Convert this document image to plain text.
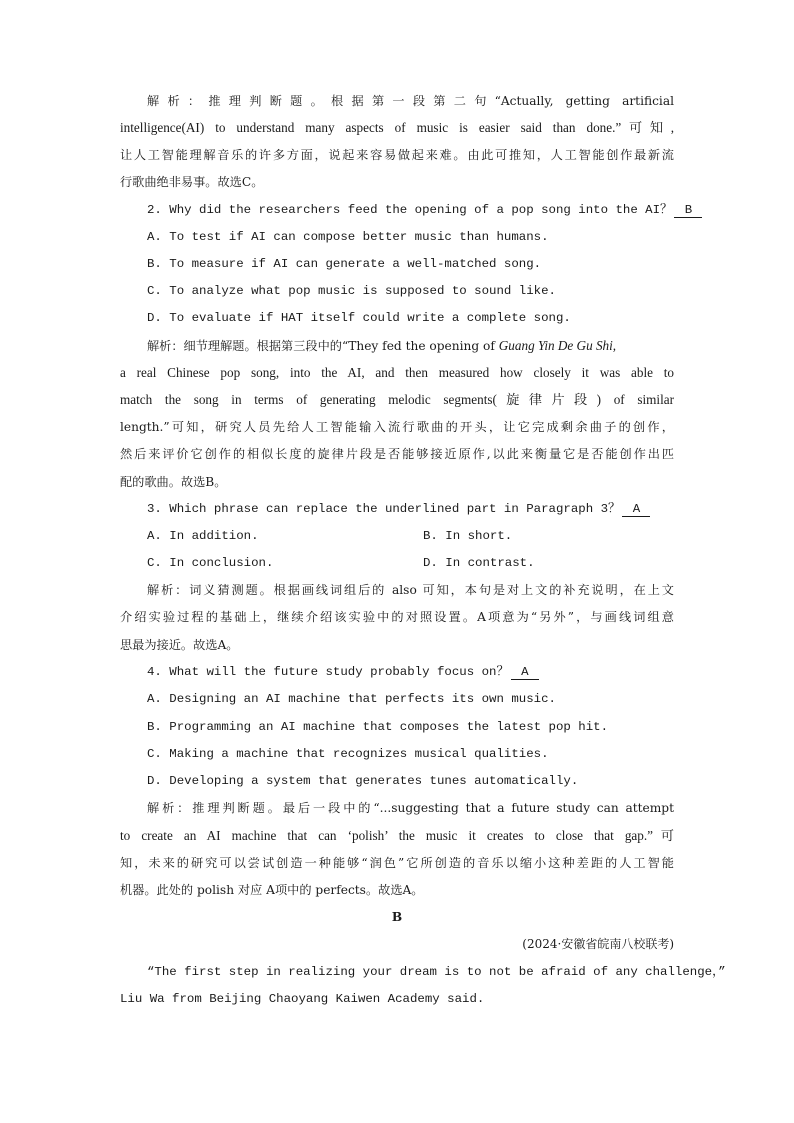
解析：推理判断题。根据第一段第二句“Actually, getting artificial
intelligence(AI) to understand many aspects of music is easier said than done.”可知,
让人工智能理解音乐的许多方面，说起来容易做起来难。由此可推知，人工智能创作最新流
行歌曲绝非易事。故选C。
2. Why did the researchers feed the opening of a pop song into the AI？ B
A. To test if AI can compose better music than humans.
B. To measure if AI can generate a well-matched song.
C. To analyze what pop music is supposed to sound like.
D. To evaluate if HAT itself could write a complete song.
解析：细节理解题。根据第三段中的“They fed the opening of Guang Yin De Gu Shi,
a real Chinese pop song, into the AI, and then measured how closely it was able to
match the song in terms of generating melodic segments(旋律片段) of similar
length.”可知，研究人员先给人工智能输入流行歌曲的开头，让它完成剩余曲子的创作，
然后来评价它创作的相似长度的旋律片段是否能够接近原作,以此来衡量它是否能创作出匹
配的歌曲。故选B。
3. Which phrase can replace the underlined part in Paragraph 3？ A
A. In addition.	B. In short.
C. In conclusion.	D. In contrast.
解析：词义猜测题。根据画线词组后的 also 可知，本句是对上文的补充说明，在上文
介绍实验过程的基础上，继续介绍该实验中的对照设置。A项意为“另外”，与画线词组意
思最为接近。故选A。
4. What will the future study probably focus on？ A
A. Designing an AI machine that perfects its own music.
B. Programming an AI machine that composes the latest pop hit.
C. Making a machine that recognizes musical qualities.
D. Developing a system that generates tunes automatically.
解析：推理判断题。最后一段中的“...suggesting that a future study can attempt
to create an AI machine that can ‘polish’ the music it creates to close that gap.”可
知，未来的研究可以尝试创造一种能够“润色”它所创造的音乐以缩小这种差距的人工智能
机器。此处的 polish 对应 A项中的 perfects。故选A。
B
(2024·安徽省皖南八校联考)
“The first step in realizing your dream is to not be afraid of any challenge，”
Liu Wa from Beijing Chaoyang Kaiwen Academy said.
